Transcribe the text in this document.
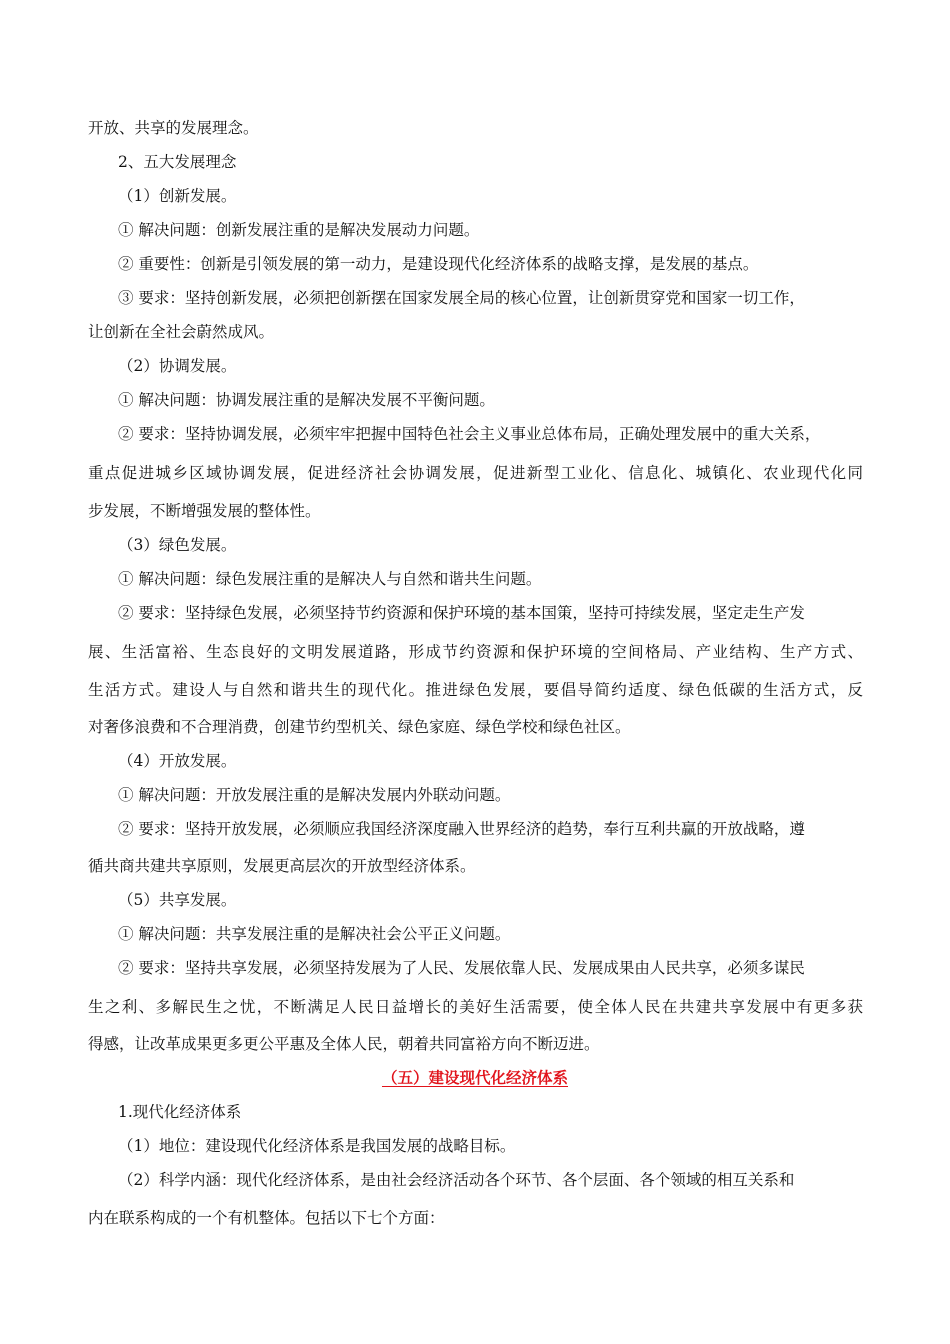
开放、共享的发展理念。
2、五大发展理念
（1）创新发展。
① 解决问题：创新发展注重的是解决发展动力问题。
② 重要性：创新是引领发展的第一动力，是建设现代化经济体系的战略支撑，是发展的基点。
③ 要求：坚持创新发展，必须把创新摆在国家发展全局的核心位置，让创新贯穿党和国家一切工作，
让创新在全社会蔚然成风。
（2）协调发展。
① 解决问题：协调发展注重的是解决发展不平衡问题。
② 要求：坚持协调发展，必须牢牢把握中国特色社会主义事业总体布局，正确处理发展中的重大关系，
重点促进城乡区域协调发展，促进经济社会协调发展，促进新型工业化、信息化、城镇化、农业现代化同
步发展，不断增强发展的整体性。
（3）绿色发展。
① 解决问题：绿色发展注重的是解决人与自然和谐共生问题。
② 要求：坚持绿色发展，必须坚持节约资源和保护环境的基本国策，坚持可持续发展，坚定走生产发
展、生活富裕、生态良好的文明发展道路，形成节约资源和保护环境的空间格局、产业结构、生产方式、
生活方式。建设人与自然和谐共生的现代化。推进绿色发展，要倡导简约适度、绿色低碳的生活方式，反
对奢侈浪费和不合理消费，创建节约型机关、绿色家庭、绿色学校和绿色社区。
（4）开放发展。
① 解决问题：开放发展注重的是解决发展内外联动问题。
② 要求：坚持开放发展，必须顺应我国经济深度融入世界经济的趋势，奉行互利共赢的开放战略，遵
循共商共建共享原则，发展更高层次的开放型经济体系。
（5）共享发展。
① 解决问题：共享发展注重的是解决社会公平正义问题。
② 要求：坚持共享发展，必须坚持发展为了人民、发展依靠人民、发展成果由人民共享，必须多谋民
生之利、多解民生之忧，不断满足人民日益增长的美好生活需要，使全体人民在共建共享发展中有更多获
得感，让改革成果更多更公平惠及全体人民，朝着共同富裕方向不断迈进。
（五）建设现代化经济体系
1.现代化经济体系
（1）地位：建设现代化经济体系是我国发展的战略目标。
（2）科学内涵：现代化经济体系，是由社会经济活动各个环节、各个层面、各个领域的相互关系和
内在联系构成的一个有机整体。包括以下七个方面：
